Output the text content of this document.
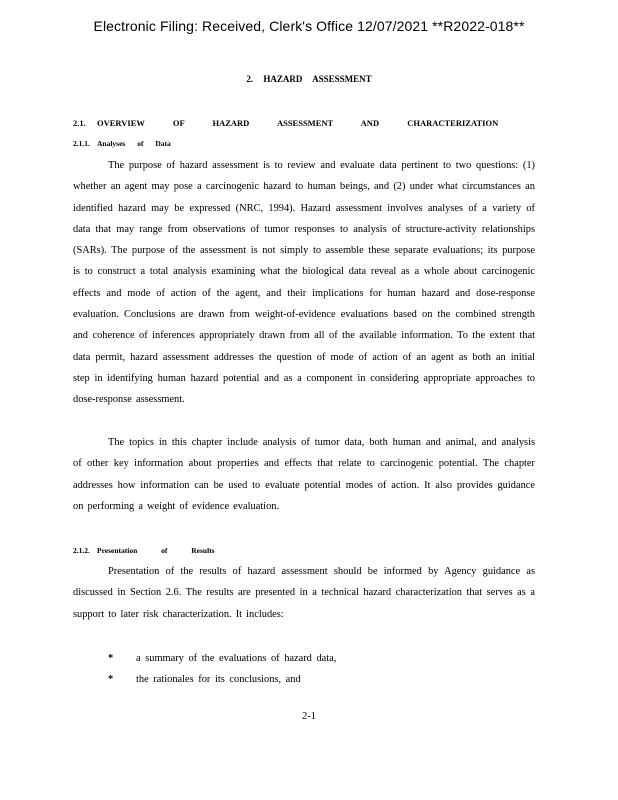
Electronic Filing: Received, Clerk's Office 12/07/2021 **R2022-018**
2. HAZARD ASSESSMENT
2.1. OVERVIEW OF HAZARD ASSESSMENT AND CHARACTERIZATION
2.1.1. Analyses of Data

The purpose of hazard assessment is to review and evaluate data pertinent to two questions: (1) whether an agent may pose a carcinogenic hazard to human beings, and (2) under what circumstances an identified hazard may be expressed (NRC, 1994). Hazard assessment involves analyses of a variety of data that may range from observations of tumor responses to analysis of structure-activity relationships (SARs). The purpose of the assessment is not simply to assemble these separate evaluations; its purpose is to construct a total analysis examining what the biological data reveal as a whole about carcinogenic effects and mode of action of the agent, and their implications for human hazard and dose-response evaluation. Conclusions are drawn from weight-of-evidence evaluations based on the combined strength and coherence of inferences appropriately drawn from all of the available information. To the extent that data permit, hazard assessment addresses the question of mode of action of an agent as both an initial step in identifying human hazard potential and as a component in considering appropriate approaches to dose-response assessment.

The topics in this chapter include analysis of tumor data, both human and animal, and analysis of other key information about properties and effects that relate to carcinogenic potential. The chapter addresses how information can be used to evaluate potential modes of action. It also provides guidance on performing a weight of evidence evaluation.

2.1.2. Presentation of Results

Presentation of the results of hazard assessment should be informed by Agency guidance as discussed in Section 2.6. The results are presented in a technical hazard characterization that serves as a support to later risk characterization. It includes:

*	a summary of the evaluations of hazard data,
*	the rationales for its conclusions, and
2-1
